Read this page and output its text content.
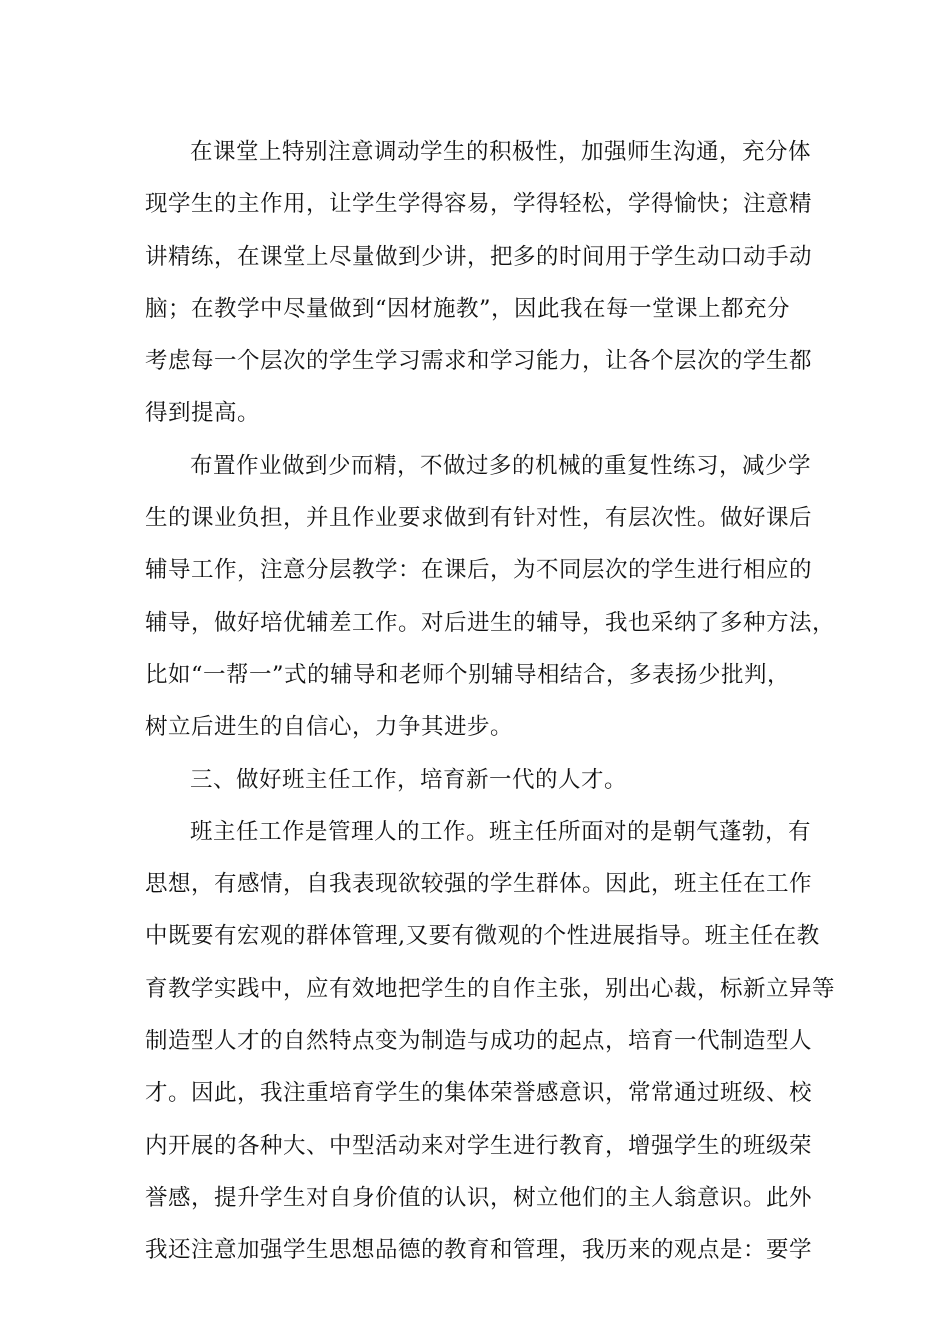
在课堂上特别注意调动学生的积极性，加强师生沟通，充分体
现学生的主作用，让学生学得容易，学得轻松，学得愉快；注意精
讲精练，在课堂上尽量做到少讲，把多的时间用于学生动口动手动
脑；在教学中尽量做到“因材施教”，因此我在每一堂课上都充分
考虑每一个层次的学生学习需求和学习能力，让各个层次的学生都
得到提高。
布置作业做到少而精，不做过多的机械的重复性练习，减少学
生的课业负担，并且作业要求做到有针对性，有层次性。做好课后
辅导工作，注意分层教学：在课后，为不同层次的学生进行相应的
辅导，做好培优辅差工作。对后进生的辅导，我也采纳了多种方法，
比如“一帮一”式的辅导和老师个别辅导相结合，多表扬少批判，
树立后进生的自信心，力争其进步。
三、做好班主任工作，培育新一代的人才。
班主任工作是管理人的工作。班主任所面对的是朝气蓬勃，有
思想，有感情，自我表现欲较强的学生群体。因此，班主任在工作
中既要有宏观的群体管理,又要有微观的个性进展指导。班主任在教
育教学实践中，应有效地把学生的自作主张，别出心裁，标新立异等
制造型人才的自然特点变为制造与成功的起点，培育一代制造型人
才。因此，我注重培育学生的集体荣誉感意识，常常通过班级、校
内开展的各种大、中型活动来对学生进行教育，增强学生的班级荣
誉感，提升学生对自身价值的认识，树立他们的主人翁意识。此外
我还注意加强学生思想品德的教育和管理，我历来的观点是：要学
